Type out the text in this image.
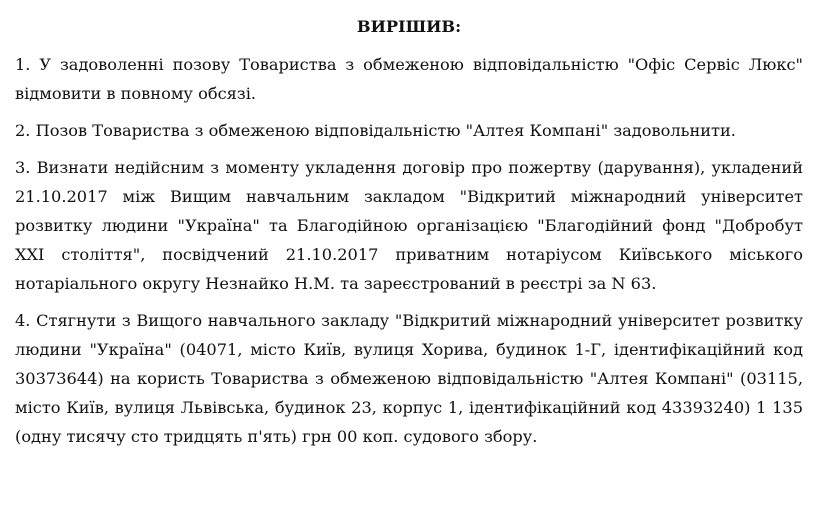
ВИРІШИВ:

1. У задоволенні позову Товариства з обмеженою відповідальністю "Офіс Сервіс Люкс" відмовити в повному обсязі.

2. Позов Товариства з обмеженою відповідальністю "Алтея Компані" задовольнити.

3. Визнати недійсним з моменту укладення договір про пожертву (дарування), укладений 21.10.2017 між Вищим навчальним закладом "Відкритий міжнародний університет розвитку людини "Україна" та Благодійною організацією "Благодійний фонд "Добробут XXI століття", посвідчений 21.10.2017 приватним нотаріусом Київського міського нотаріального округу Незнайко Н.М. та зареєстрований в реєстрі за N 63.

4. Стягнути з Вищого навчального закладу "Відкритий міжнародний університет розвитку людини "Україна" (04071, місто Київ, вулиця Хорива, будинок 1-Г, ідентифікаційний код 30373644) на користь Товариства з обмеженою відповідальністю "Алтея Компані" (03115, місто Київ, вулиця Львівська, будинок 23, корпус 1, ідентифікаційний код 43393240) 1 135 (одну тисячу сто тридцять п'ять) грн 00 коп. судового збору.
